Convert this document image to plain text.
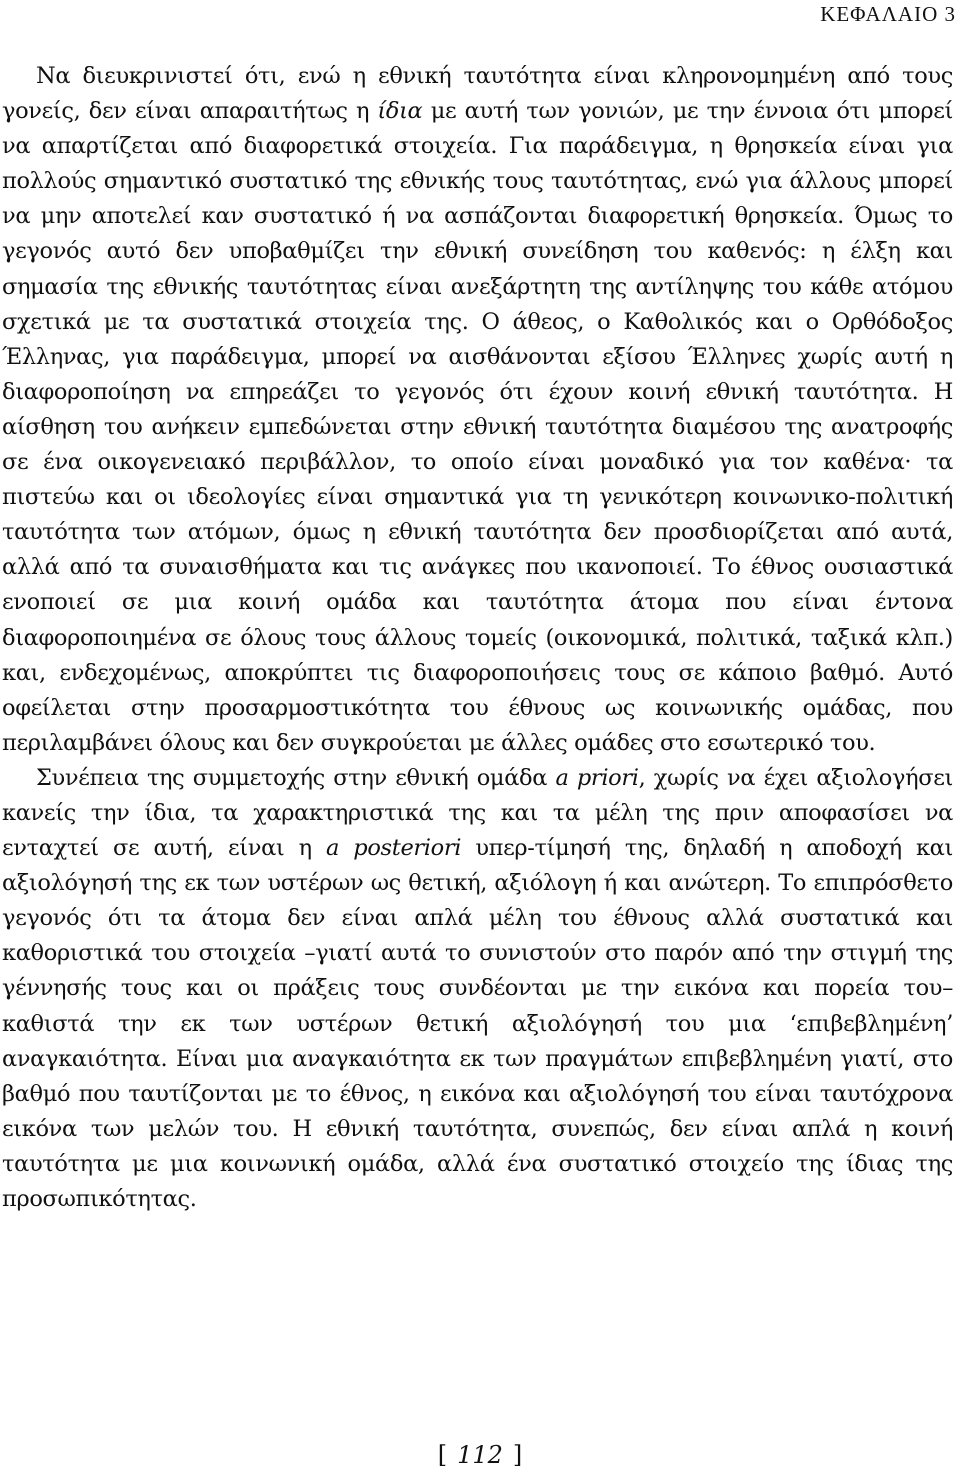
ΚΕΦΑΛΑΙΟ 3

Να διευκρινιστεί ότι, ενώ η εθνική ταυτότητα είναι κληρονομημένη από τους γονείς, δεν είναι απαραιτήτως η ίδια με αυτή των γονιών, με την έννοια ότι μπορεί να απαρτίζεται από διαφορετικά στοιχεία. Για παράδειγμα, η θρησκεία είναι για πολλούς σημαντικό συστατικό της εθνικής τους ταυτότητας, ενώ για άλλους μπορεί να μην αποτελεί καν συστατικό ή να ασπάζονται διαφορετική θρησκεία. Όμως το γεγονός αυτό δεν υποβαθμίζει την εθνική συνείδηση του καθενός: η έλξη και σημασία της εθνικής ταυτότητας είναι ανεξάρτητη της αντίληψης του κάθε ατόμου σχετικά με τα συστατικά στοιχεία της. Ο άθεος, ο Καθολικός και ο Ορθόδοξος Έλληνας, για παράδειγμα, μπορεί να αισθάνονται εξίσου Έλληνες χωρίς αυτή η διαφοροποίηση να επηρεάζει το γεγονός ότι έχουν κοινή εθνική ταυτότητα. Η αίσθηση του ανήκειν εμπεδώνεται στην εθνική ταυτότητα διαμέσου της ανατροφής σε ένα οικογενειακό περιβάλλον, το οποίο είναι μοναδικό για τον καθένα· τα πιστεύω και οι ιδεολογίες είναι σημαντικά για τη γενικότερη κοινωνικο-πολιτική ταυτότητα των ατόμων, όμως η εθνική ταυτότητα δεν προσδιορίζεται από αυτά, αλλά από τα συναισθήματα και τις ανάγκες που ικανοποιεί. Το έθνος ουσιαστικά ενοποιεί σε μια κοινή ομάδα και ταυτότητα άτομα που είναι έντονα διαφοροποιημένα σε όλους τους άλλους τομείς (οικονομικά, πολιτικά, ταξικά κλπ.) και, ενδεχομένως, αποκρύπτει τις διαφοροποιήσεις τους σε κάποιο βαθμό. Αυτό οφείλεται στην προσαρμοστικότητα του έθνους ως κοινωνικής ομάδας, που περιλαμβάνει όλους και δεν συγκρούεται με άλλες ομάδες στο εσωτερικό του.

Συνέπεια της συμμετοχής στην εθνική ομάδα a priori, χωρίς να έχει αξιολογήσει κανείς την ίδια, τα χαρακτηριστικά της και τα μέλη της πριν αποφασίσει να ενταχτεί σε αυτή, είναι η a posteriori υπερ-τίμησή της, δηλαδή η αποδοχή και αξιολόγησή της εκ των υστέρων ως θετική, αξιόλογη ή και ανώτερη. Το επιπρόσθετο γεγονός ότι τα άτομα δεν είναι απλά μέλη του έθνους αλλά συστατικά και καθοριστικά του στοιχεία –γιατί αυτά το συνιστούν στο παρόν από την στιγμή της γέννησής τους και οι πράξεις τους συνδέονται με την εικόνα και πορεία του– καθιστά την εκ των υστέρων θετική αξιολόγησή του μια ‘επιβεβλημένη’ αναγκαιότητα. Είναι μια αναγκαιότητα εκ των πραγμάτων επιβεβλημένη γιατί, στο βαθμό που ταυτίζονται με το έθνος, η εικόνα και αξιολόγησή του είναι ταυτόχρονα εικόνα των μελών του. Η εθνική ταυτότητα, συνεπώς, δεν είναι απλά η κοινή ταυτότητα με μια κοινωνική ομάδα, αλλά ένα συστατικό στοιχείο της ίδιας της προσωπικότητας.

[ 112 ]
